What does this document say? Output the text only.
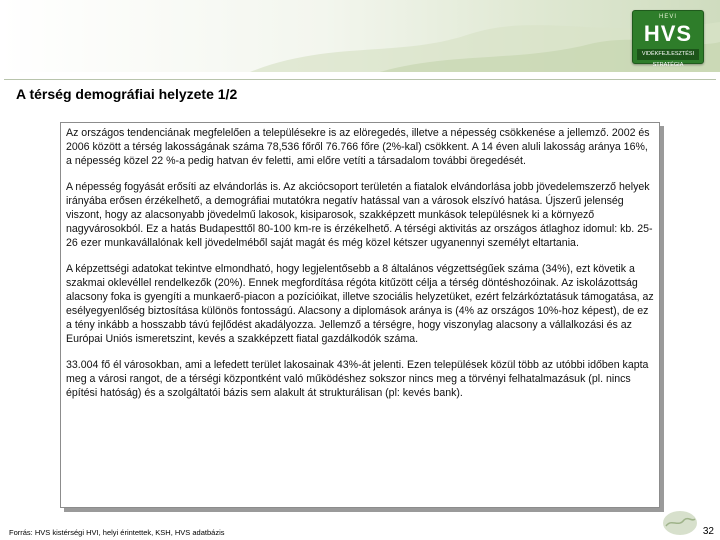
HEVI
HVS
VIDÉKFEJLESZTÉSI STRATÉGIA
A térség demográfiai helyzete 1/2

Az országos tendenciának megfelelően a településekre is az elöregedés, illetve a népesség csökkenése a jellemző. 2002 és 2006 között a térség lakosságának száma 78,536 főről 76.766 főre (2%-kal) csökkent. A 14 éven aluli lakosság aránya 16%, a népesség közel 22 %-a pedig hatvan év feletti, ami előre vetíti a társadalom további öregedését.

A népesség fogyását erősíti az elvándorlás is. Az akciócsoport területén a fiatalok elvándorlása jobb jövedelemszerző helyek irányába erősen érzékelhető, a demográfiai mutatókra negatív hatással van a városok elszívó hatása. Újszerű jelenség viszont, hogy az alacsonyabb jövedelmű lakosok, kisiparosok, szakképzett munkások településnek ki a környező nagyvárosokból. Ez a hatás Budapesttől 80-100 km-re is érzékelhető. A térségi aktivitás az országos átlaghoz idomul: kb. 25-26 ezer munkavállalónak kell jövedelméből saját magát és még közel kétszer ugyanennyi személyt eltartania.

A képzettségi adatokat tekintve elmondható, hogy legjelentősebb a 8 általános végzettségűek száma (34%), ezt követik a szakmai oklevéllel rendelkezők (20%). Ennek megfordítása régóta kitűzött célja a térség döntéshozóinak. Az iskolázottság alacsony foka is gyengíti a munkaerő-piacon a pozícióikat, illetve szociális helyzetüket, ezért felzárkóztatásuk támogatása, az esélyegyenlőség biztosítása különös fontosságú. Alacsony a diplomások aránya is (4% az országos 10%-hoz képest), de ez a tény inkább a hosszabb távú fejlődést akadályozza. Jellemző a térségre, hogy viszonylag alacsony a vállalkozási és az Európai Uniós ismeretszint, kevés a szakképzett fiatal gazdálkodók száma.

33.004 fő él városokban, ami a lefedett terület lakosainak 43%-át jelenti. Ezen települések közül több az utóbbi időben kapta meg a városi rangot, de a térségi központként való működéshez sokszor nincs meg a törvényi felhatalmazásuk (pl. nincs építési hatóság) és a szolgáltatói bázis sem alakult át strukturálisan (pl: kevés bank).

Forrás: HVS kistérségi HVI, helyi érintettek, KSH, HVS adatbázis	32
